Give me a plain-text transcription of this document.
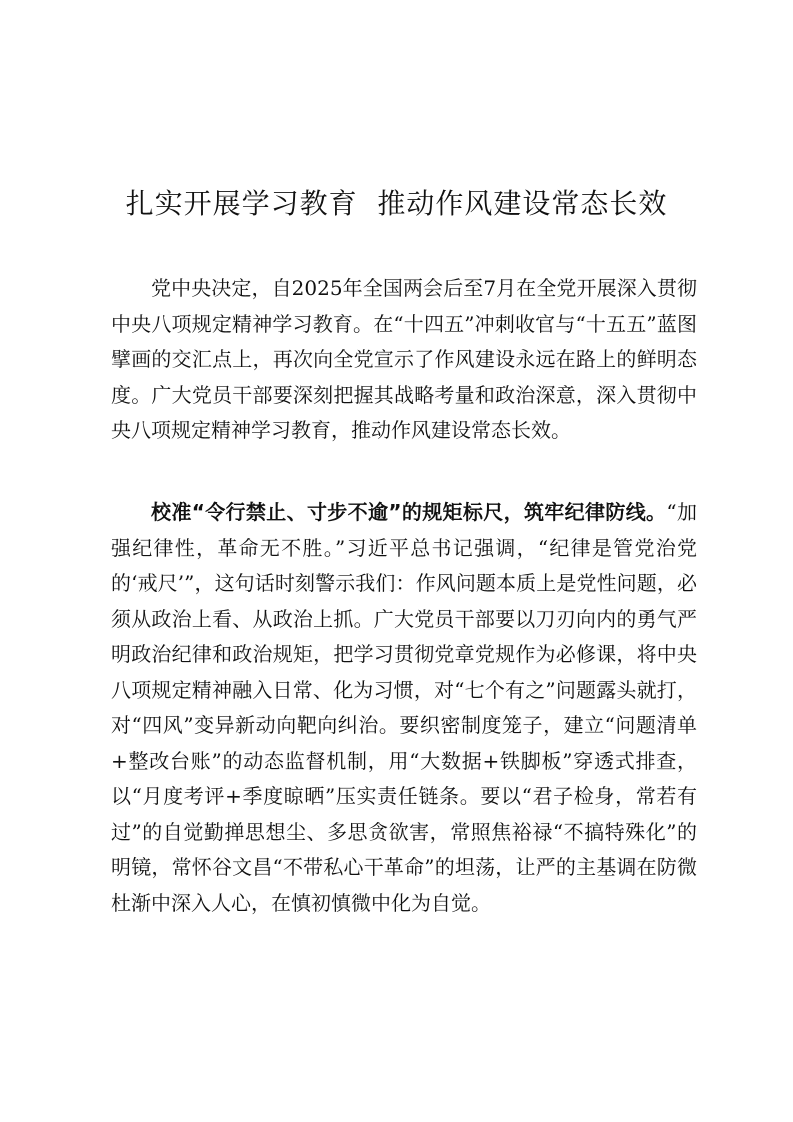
扎实开展学习教育  推动作风建设常态长效

党中央决定，自2025年全国两会后至7月在全党开展深入贯彻中央八项规定精神学习教育。在“十四五”冲刺收官与“十五五”蓝图擘画的交汇点上，再次向全党宣示了作风建设永远在路上的鲜明态度。广大党员干部要深刻把握其战略考量和政治深意，深入贯彻中央八项规定精神学习教育，推动作风建设常态长效。

校准“令行禁止、寸步不逾”的规矩标尺，筑牢纪律防线。“加强纪律性，革命无不胜。”习近平总书记强调，“纪律是管党治党的‘戒尺’”，这句话时刻警示我们：作风问题本质上是党性问题，必须从政治上看、从政治上抓。广大党员干部要以刀刃向内的勇气严明政治纪律和政治规矩，把学习贯彻党章党规作为必修课，将中央八项规定精神融入日常、化为习惯，对“七个有之”问题露头就打，对“四风”变异新动向靶向纠治。要织密制度笼子，建立“问题清单+整改台账”的动态监督机制，用“大数据+铁脚板”穿透式排查，以“月度考评+季度晾晒”压实责任链条。要以“君子检身，常若有过”的自觉勤掸思想尘、多思贪欲害，常照焦裕禄“不搞特殊化”的明镜，常怀谷文昌“不带私心干革命”的坦荡，让严的主基调在防微杜渐中深入人心，在慎初慎微中化为自觉。
